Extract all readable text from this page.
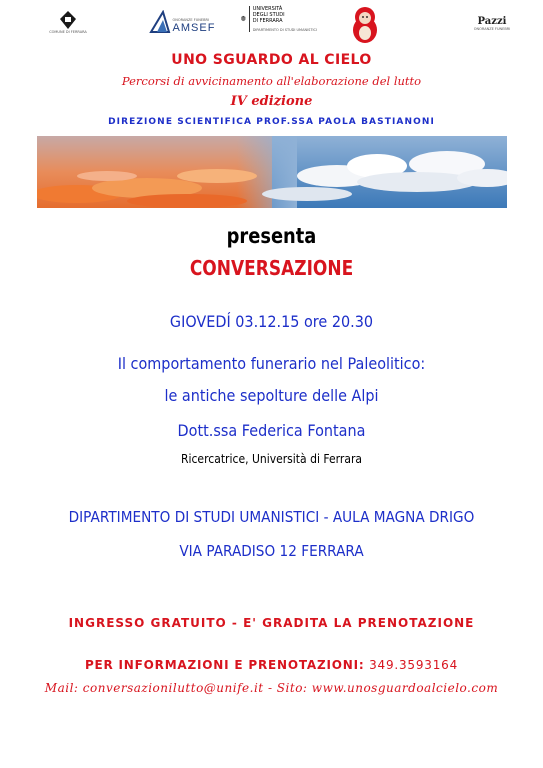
COMUNE DI FERRARA
ONORANZE FUNEBRI
AMSEF
UNIVERSITÀ
DEGLI STUDI
DI FERRARA
DIPARTIMENTO DI STUDI UMANISTICI
Pazzi
ONORANZE FUNEBRI
UNO SGUARDO AL CIELO
Percorsi di avvicinamento all'elaborazione del lutto
IV edizione
DIREZIONE SCIENTIFICA PROF.SSA PAOLA BASTIANONI
presenta
CONVERSAZIONE
GIOVEDÍ 03.12.15 ore 20.30
Il comportamento funerario nel Paleolitico:
le antiche sepolture delle Alpi
Dott.ssa Federica Fontana
Ricercatrice, Università di Ferrara
DIPARTIMENTO DI STUDI UMANISTICI - AULA MAGNA DRIGO
VIA PARADISO 12 FERRARA
INGRESSO GRATUITO - E' GRADITA LA PRENOTAZIONE
PER INFORMAZIONI E PRENOTAZIONI: 349.3593164
Mail: conversazionilutto@unife.it - Sito: www.unosguardoalcielo.com
